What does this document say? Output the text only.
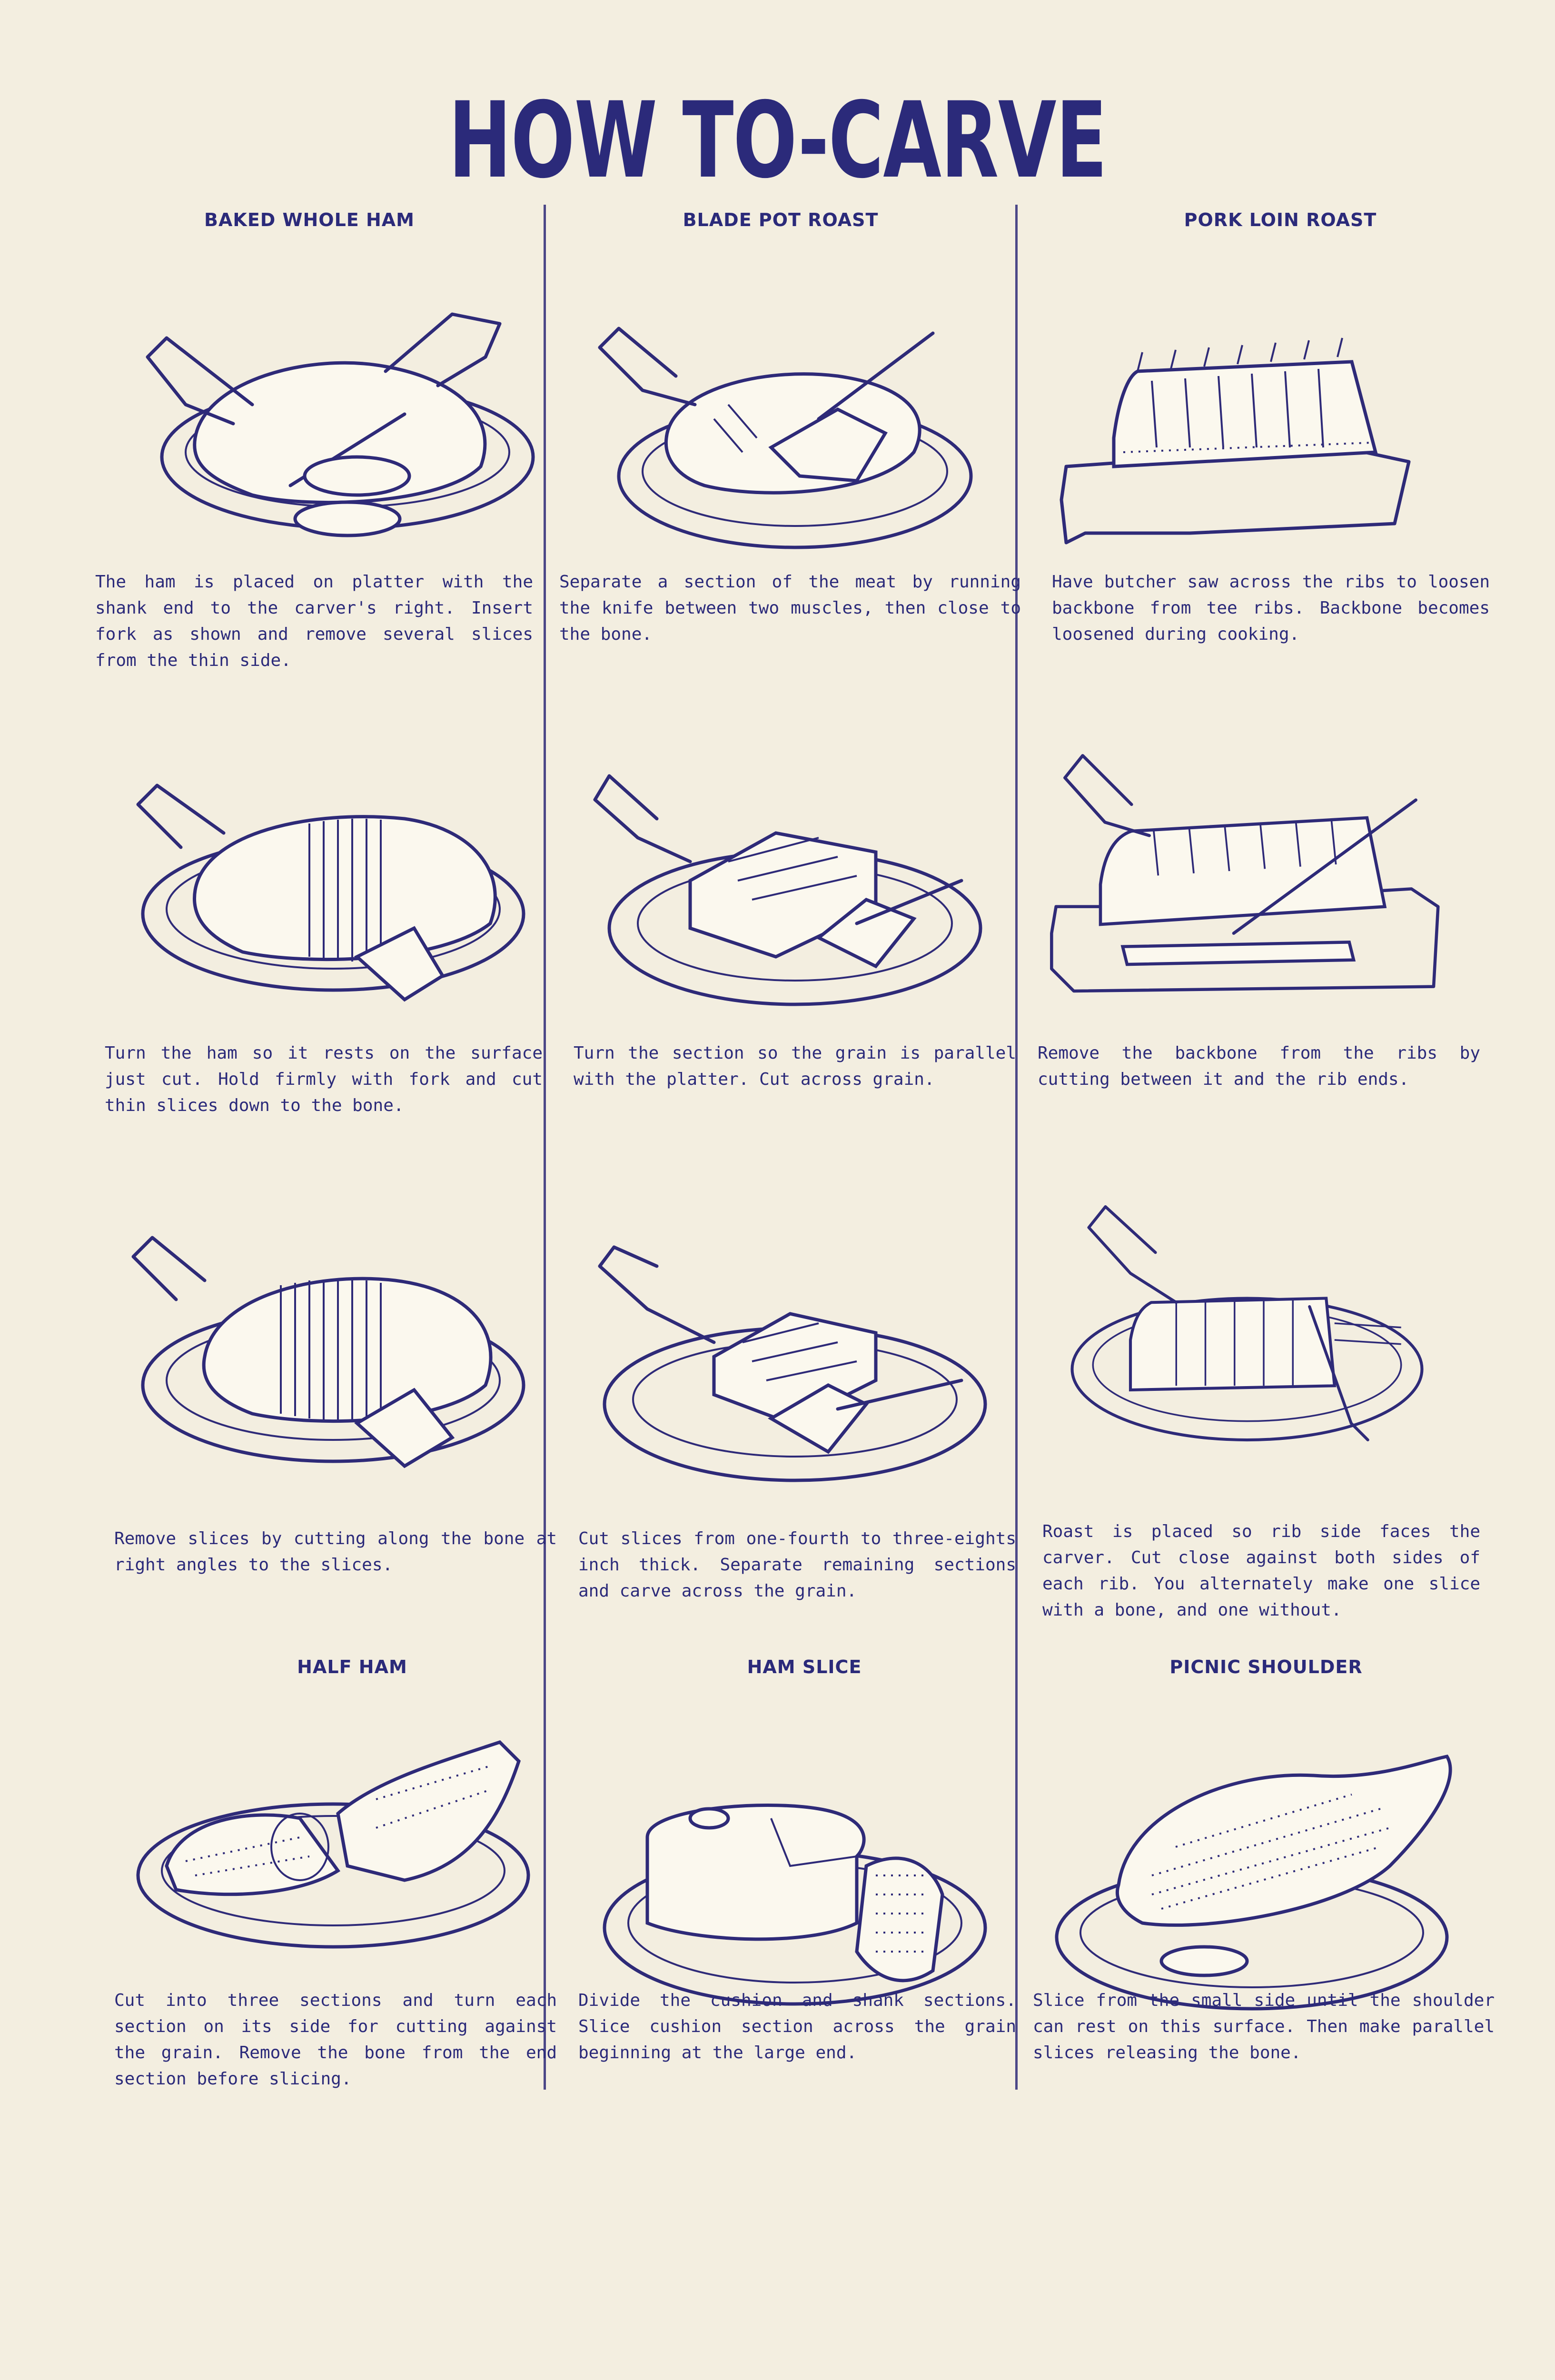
HOW TO-CARVE
BAKED WHOLE HAM	BLADE POT ROAST	PORK LOIN ROAST
The ham is placed on platter with the shank end to the carver's right. Insert fork as shown and remove several slices from the thin side.
Separate a section of the meat by running the knife between two muscles, then close to the bone.
Have butcher saw across the ribs to loosen backbone from tee ribs. Backbone becomes loosened during cooking.
Turn the ham so it rests on the surface just cut. Hold firmly with fork and cut thin slices down to the bone.
Turn the section so the grain is parallel with the platter. Cut across grain.
Remove the backbone from the ribs by cutting between it and the rib ends.
Remove slices by cutting along the bone at right angles to the slices.
Cut slices from one-fourth to three-eights inch thick. Separate remaining sections and carve across the grain.
Roast is placed so rib side faces the carver. Cut close against both sides of each rib. You alternately make one slice with a bone, and one without.
HALF HAM	HAM SLICE	PICNIC SHOULDER
Cut into three sections and turn each section on its side for cutting against the grain. Remove the bone from the end section before slicing.
Divide the cushion and shank sections. Slice cushion section across the grain beginning at the large end.
Slice from the small side until the shoulder can rest on this surface. Then make parallel slices releasing the bone.
